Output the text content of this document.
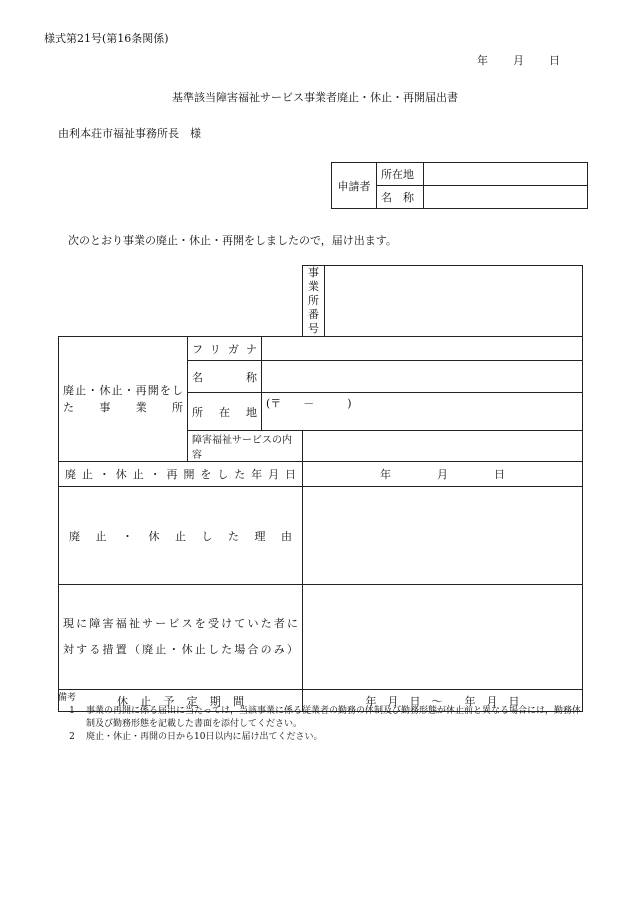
様式第21号(第16条関係)
年 月 日
基準該当障害福祉サービス事業者廃止・休止・再開届出書
由利本荘市福祉事務所長　様
申請者	所在地	
	名　称	
次のとおり事業の廃止・休止・再開をしましたので，届け出ます。
			事業所番号	

廃止・休止・再開をした事業所	フリガナ			
	名称			
	所在地	(〒　　－　　　)		
	障害福祉サービスの内容			

廃止・休止・再開をした年月日			年 月 日	
廃止・休止した理由				

現に障害福祉サービスを受けていた者に
対する措置（廃止・休止した場合のみ）				

休止予定期間			年　月　日　～　　年　月　日	
備考
1	事業の再開に係る届出に当たっては，当該事業に係る従業者の勤務の体制及び勤務形態が休止前と異なる場合には，勤務体制及び勤務形態を記載した書面を添付してください。
2	廃止・休止・再開の日から10日以内に届け出てください。
